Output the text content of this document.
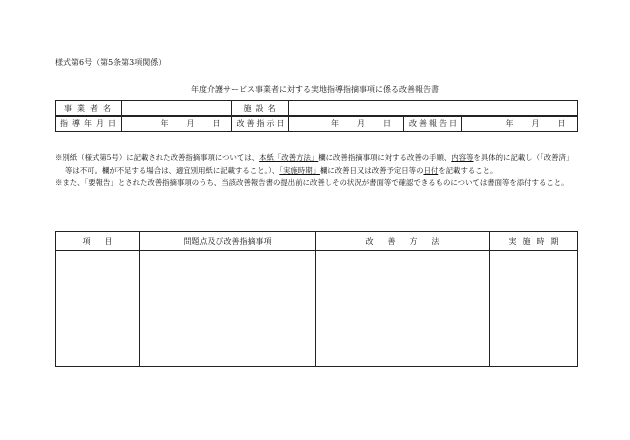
様式第6号（第5条第3項関係）
年度介護サービス事業者に対する実地指導指摘事項に係る改善報告書
事業者名		施設名	
指導年月日	年 月 日	改善指示日	年 月 日	改善報告日	年 月 日

※別紙（様式第5号）に記載された改善指摘事項については、本紙「改善方法」欄に改善指摘事項に対する改善の手順、内容等を具体的に記載し（「改善済」等は不可。欄が不足する場合は、適宜別用紙に記載すること。）、「実施時期」欄に改善日又は改善予定日等の日付を記載すること。

※また、「要報告」とされた改善指摘事項のうち、当該改善報告書の提出前に改善しその状況が書面等で確認できるものについては書面等を添付すること。

項目	問題点及び改善指摘事項	改善方法	実施時期
